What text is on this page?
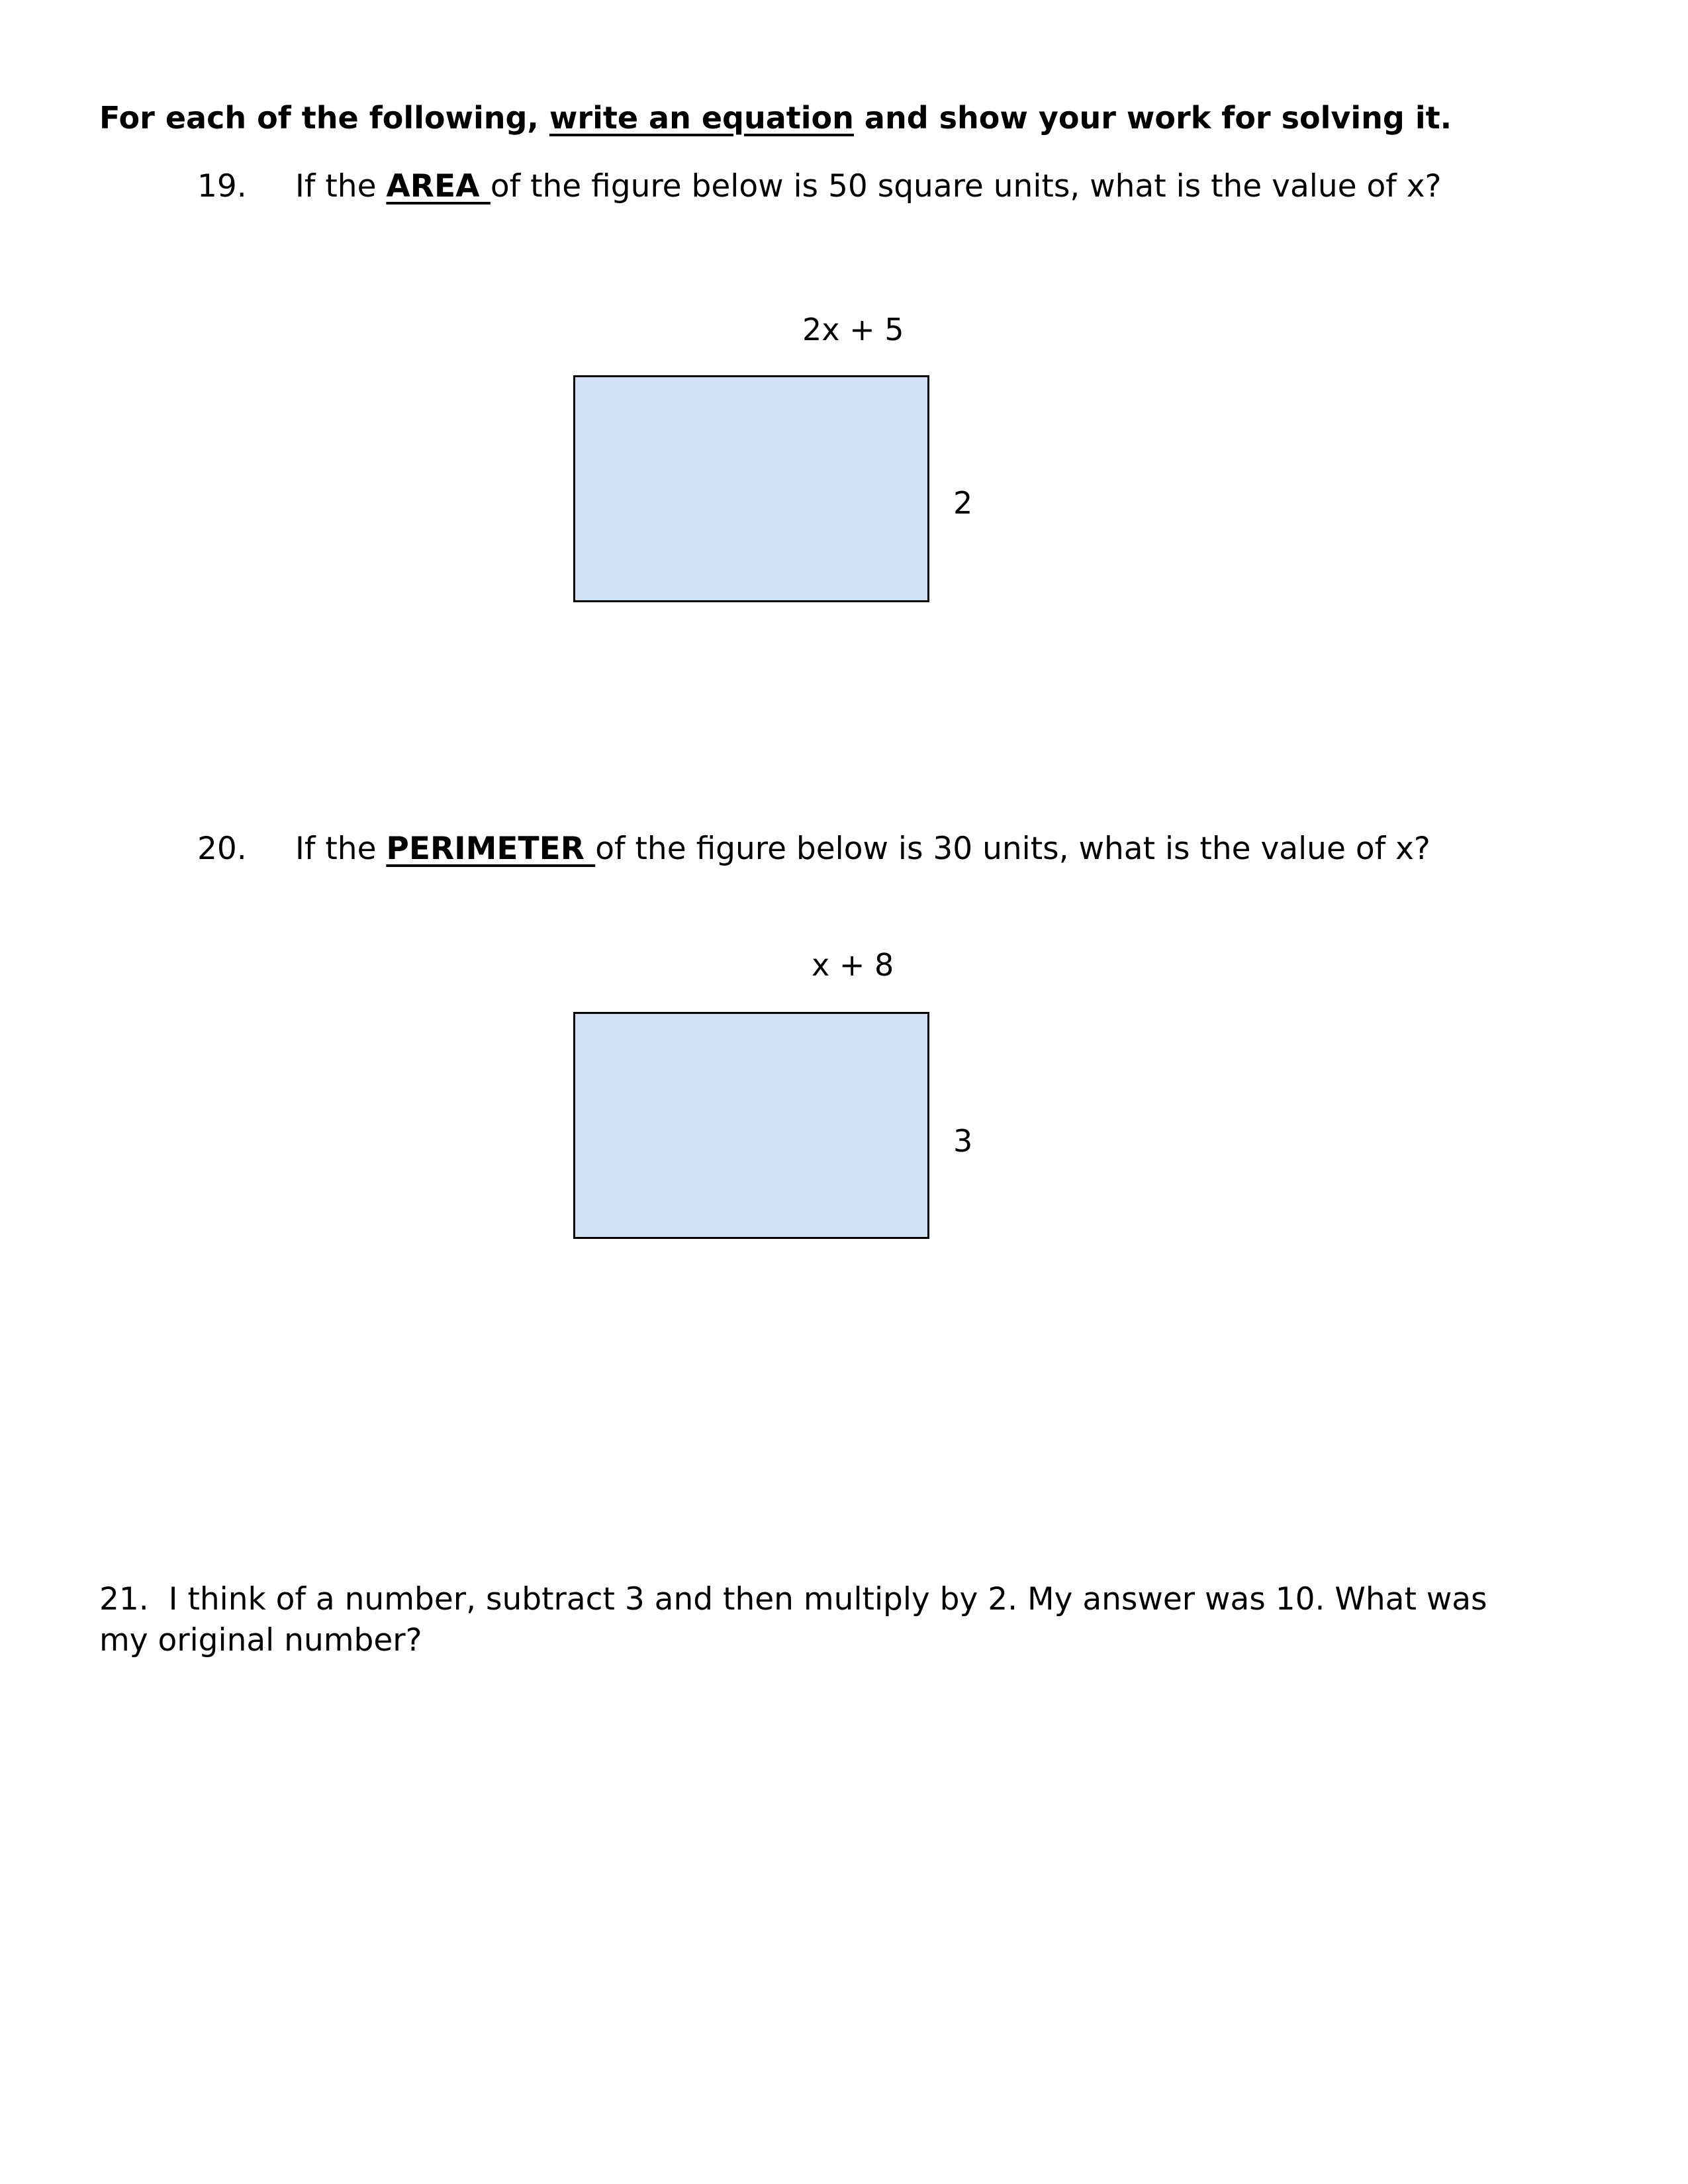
For each of the following, write an equation and show your work for solving it.
19. If the AREA of the figure below is 50 square units, what is the value of x?
2x + 5
2
20. If the PERIMETER of the figure below is 30 units, what is the value of x?
x + 8
3
21. I think of a number, subtract 3 and then multiply by 2. My answer was 10. What was my original number?
